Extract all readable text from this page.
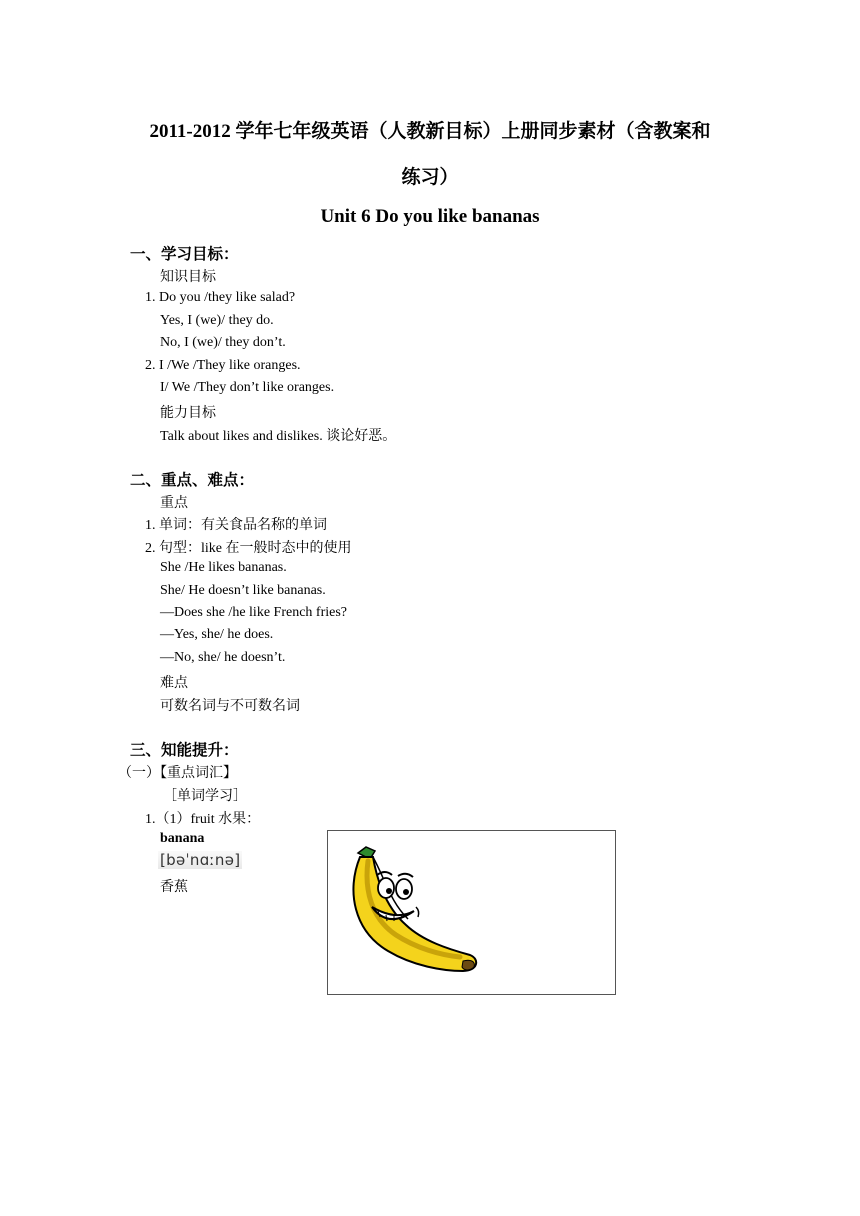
2011-2012 学年七年级英语（人教新目标）上册同步素材（含教案和
练习）
Unit 6 Do you like bananas
一、学习目标：
知识目标
1. Do you /they like salad?
Yes, I (we)/ they do.
No, I (we)/ they don’t.
2. I /We /They like oranges.
I/ We /They don’t like oranges.
能力目标
Talk about likes and dislikes. 谈论好恶。
二、重点、难点：
重点
1. 单词：有关食品名称的单词
2. 句型：like 在一般时态中的使用
She /He likes bananas.
She/ He doesn’t like bananas.
—Does she /he like French fries?
—Yes, she/ he does.
—No, she/ he doesn’t.
难点
可数名词与不可数名词
三、知能提升：
（一）【重点词汇】
［单词学习］
1.（1）fruit 水果：
banana
[bəˈnɑːnə]
香蕉
